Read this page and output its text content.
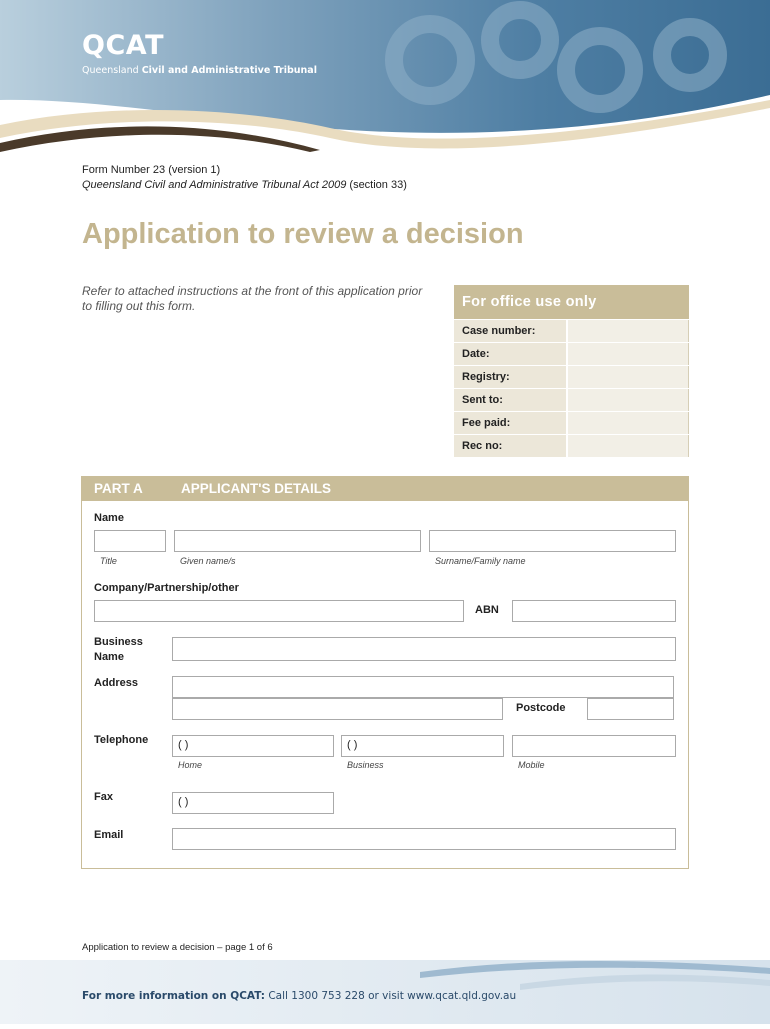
QCAT
Queensland Civil and Administrative Tribunal
Form Number 23 (version 1)
Queensland Civil and Administrative Tribunal Act 2009 (section 33)
Application to review a decision
Refer to attached instructions at the front of this application prior to filling out this form.	For office use only
Case number:
Date:
Registry:
Sent to:
Fee paid:
Rec no:
PART A	APPLICANT'S DETAILS
Name
Title	Given name/s	Surname/Family name
Company/Partnership/other
ABN
Business Name
Address
Postcode
Telephone	( )	( )
Home	Business	Mobile
Fax	( )
Email
Application to review a decision – page 1 of 6
For more information on QCAT: Call 1300 753 228 or visit www.qcat.qld.gov.au
